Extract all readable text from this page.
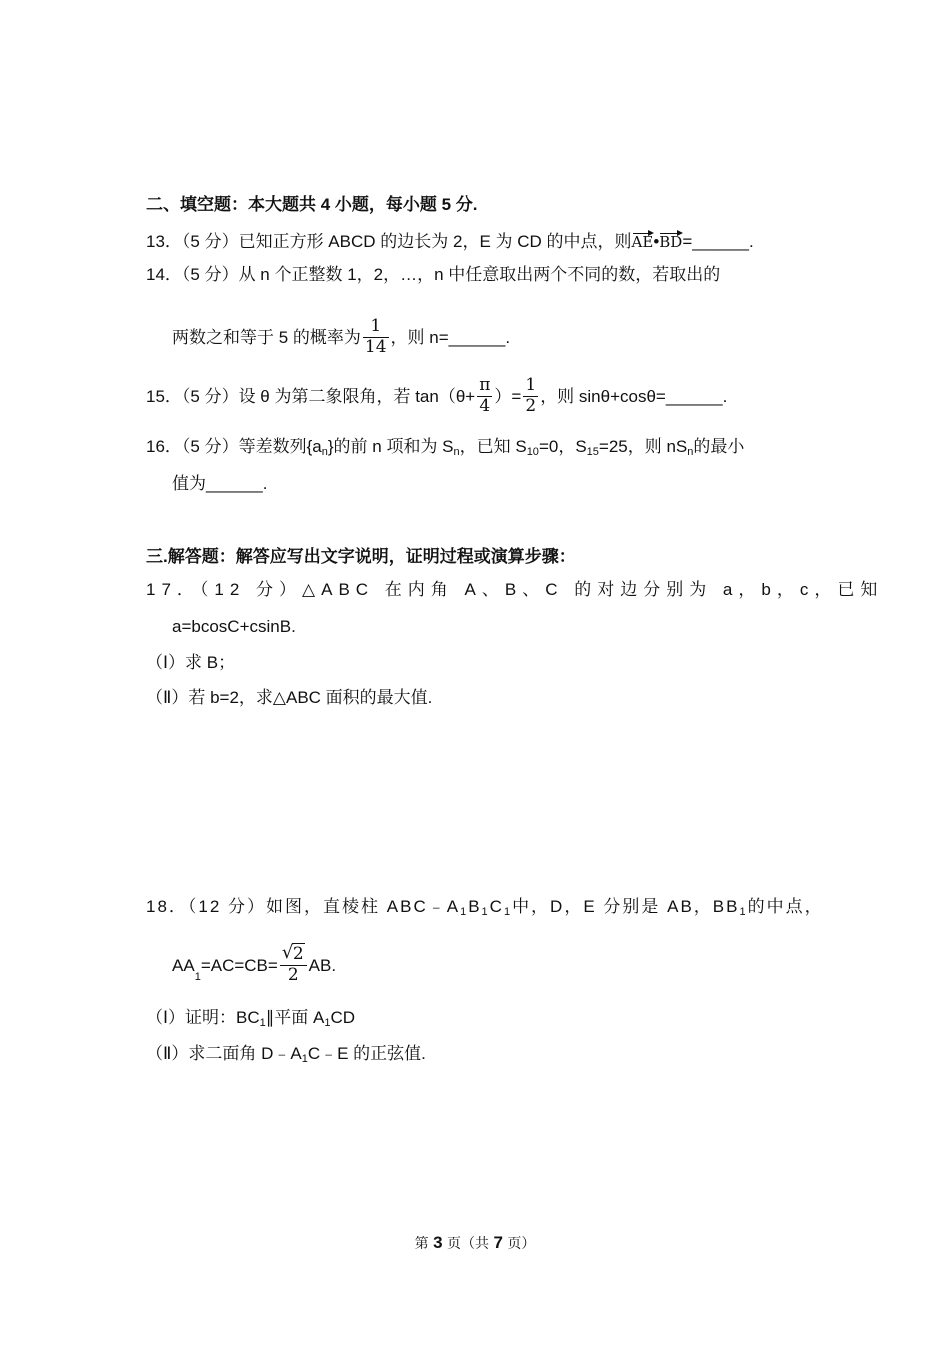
二、填空题：本大题共 4 小题，每小题 5 分.
13．（5 分）已知正方形 ABCD 的边长为 2，E 为 CD 的中点，则AE•BD=______.
14．（5 分）从 n 个正整数 1，2，…，n 中任意取出两个不同的数，若取出的
两数之和等于 5 的概率为 $\frac{1}{14}$ ，则 n=______.
15．（5 分）设 θ 为第二象限角，若 $\tan(\theta+ \frac{\pi}{4}$ ）= $\frac{1}{2}$ ，则 sinθ+cosθ=______.
16．（5 分）等差数列$\{a_n\}$的前 n 项和为 $S_n$，已知 $S_{10}=0$，$S_{15}=25$，则 $nS_n$的最小
值为______.
三.解答题：解答应写出文字说明，证明过程或演算步骤：
17．（12 分）△ABC 在内角 A、B、C 的对边分别为 a，b，c，已知
a=bcosC+csinB.
（Ⅰ）求 B；
（Ⅱ）若 b=2，求△ABC 面积的最大值.
18．（12 分）如图，直棱柱 $ABC﹣A_1B_1C_1$中，D，E 分别是 AB，$BB_1$的中点，
$AA_1=AC=CB= \frac{√ 2}{2}$ AB.
（Ⅰ）证明：$BC_1\parallel$平面 $A_1CD$
（Ⅱ）求二面角 $D﹣A_1C﹣E$ 的正弦值.
第 3 页（共 7 页）
